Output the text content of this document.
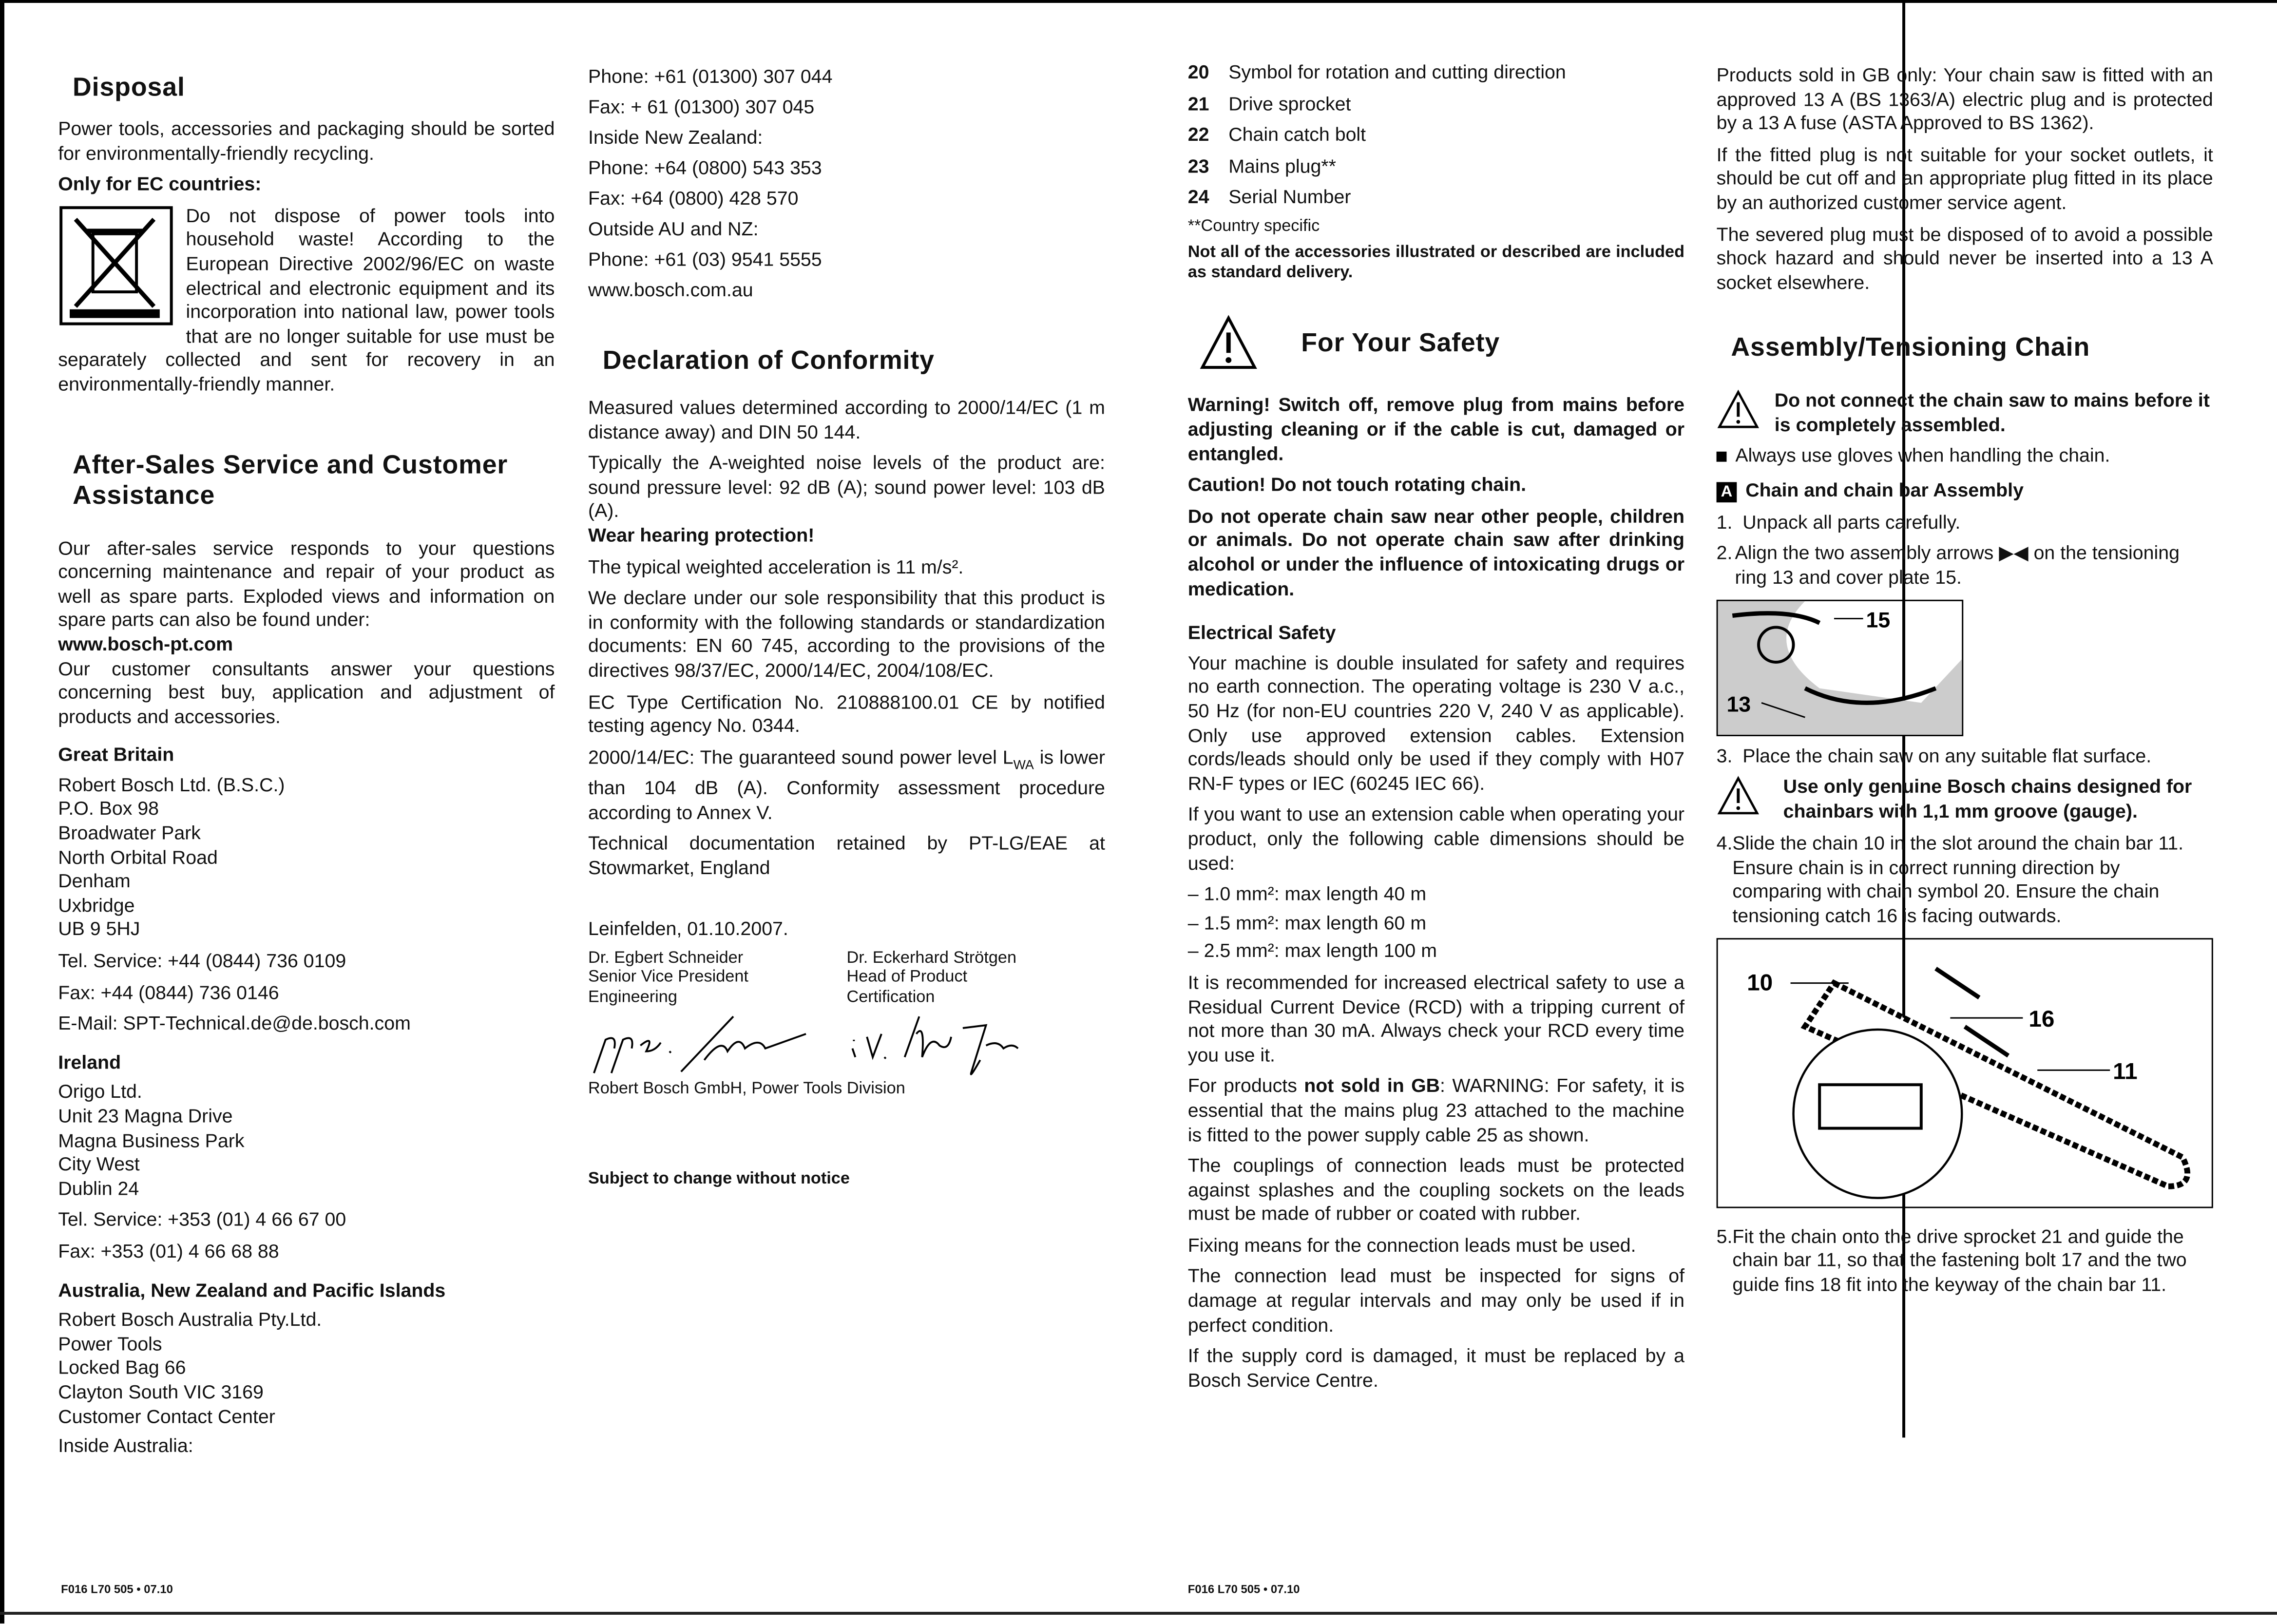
Disposal

Power tools, accessories and packaging should be sorted for environmentally-friendly recycling.

Only for EC countries:

Do not dispose of power tools into household waste! According to the European Directive 2002/96/EC on waste electrical and electronic equipment and its incorporation into national law, power tools that are no longer suitable for use must be separately collected and sent for recovery in an environmentally-friendly manner.

After-Sales Service and Customer Assistance

Our after-sales service responds to your questions concerning maintenance and repair of your product as well as spare parts. Exploded views and information on spare parts can also be found under:
www.bosch-pt.com
Our customer consultants answer your questions concerning best buy, application and adjustment of products and accessories.

Great Britain
Robert Bosch Ltd. (B.S.C.)
P.O. Box 98
Broadwater Park
North Orbital Road
Denham
Uxbridge
UB 9 5HJ

Tel. Service: +44 (0844) 736 0109

Fax: +44 (0844) 736 0146

E-Mail: SPT-Technical.de@de.bosch.com

Ireland
Origo Ltd.
Unit 23 Magna Drive
Magna Business Park
City West
Dublin 24

Tel. Service: +353 (01) 4 66 67 00

Fax: +353 (01) 4 66 68 88

Australia, New Zealand and Pacific Islands
Robert Bosch Australia Pty.Ltd.
Power Tools
Locked Bag 66
Clayton South VIC 3169
Customer Contact Center
Inside Australia:
Phone: +61 (01300) 307 044
Fax: + 61 (01300) 307 045
Inside New Zealand:
Phone: +64 (0800) 543 353
Fax: +64 (0800) 428 570
Outside AU and NZ:
Phone: +61 (03) 9541 5555
www.bosch.com.au
Declaration of Conformity

Measured values determined according to 2000/14/EC (1 m distance away) and DIN 50 144.

Typically the A-weighted noise levels of the product are: sound pressure level: 92 dB (A); sound power level: 103 dB (A).

Wear hearing protection!

The typical weighted acceleration is 11 m/s².

We declare under our sole responsibility that this product is in conformity with the following standards or standardization documents: EN 60 745, according to the provisions of the directives 98/37/EC, 2000/14/EC, 2004/108/EC.

EC Type Certification No. 210888100.01 CE by notified testing agency No. 0344.

2000/14/EC: The guaranteed sound power level $L_{WA}$ is lower than 104 dB (A). Conformity assessment procedure according to Annex V.

Technical documentation retained by PT-LG/EAE at Stowmarket, England

Leinfelden, 01.10.2007.

Dr. Egbert Schneider
Senior Vice President
Engineering
Dr. Eckerhard Strötgen
Head of Product
Certification

Robert Bosch GmbH, Power Tools Division

Subject to change without notice

20	Symbol for rotation and cutting direction
21	Drive sprocket
22	Chain catch bolt
23	Mains plug**
24	Serial Number

**Country specific

Not all of the accessories illustrated or described are included as standard delivery.

For Your Safety

Warning! Switch off, remove plug from mains before adjusting cleaning or if the cable is cut, damaged or entangled.

Caution! Do not touch rotating chain.

Do not operate chain saw near other people, children or animals. Do not operate chain saw after drinking alcohol or under the influence of intoxicating drugs or medication.

Electrical Safety

Your machine is double insulated for safety and requires no earth connection. The operating voltage is 230 V a.c., 50 Hz (for non-EU countries 220 V, 240 V as applicable). Only use approved extension cables. Extension cords/leads should only be used if they comply with H07 RN-F types or IEC (60245 IEC 66).

If you want to use an extension cable when operating your product, only the following cable dimensions should be used:

– 1.0 mm²: max length 40 m

– 1.5 mm²: max length 60 m

– 2.5 mm²: max length 100 m

It is recommended for increased electrical safety to use a Residual Current Device (RCD) with a tripping current of not more than 30 mA. Always check your RCD every time you use it.

For products not sold in GB: WARNING: For safety, it is essential that the mains plug 23 attached to the machine is fitted to the power supply cable 25 as shown.

The couplings of connection leads must be protected against splashes and the coupling sockets on the leads must be made of rubber or coated with rubber.

Fixing means for the connection leads must be used.

The connection lead must be inspected for signs of damage at regular intervals and may only be used if in perfect condition.

If the supply cord is damaged, it must be replaced by a Bosch Service Centre.

Products sold in GB only: Your chain saw is fitted with an approved 13 A (BS 1363/A) electric plug and is protected by a 13 A fuse (ASTA Approved to BS 1362).

If the fitted plug is not suitable for your socket outlets, it should be cut off and an appropriate plug fitted in its place by an authorized customer service agent.

The severed plug must be disposed of to avoid a possible shock hazard and should never be inserted into a 13 A socket elsewhere.

Assembly/Tensioning Chain
Do not connect the chain saw to mains before it is completely assembled.

Always use gloves when handling the chain.

A Chain and chain bar Assembly

1.	Unpack all parts carefully.
2. Align the two assembly arrows ▶◀ on the tensioning ring 13 and cover plate 15.
15
13
3.	Place the chain saw on any suitable flat surface.
Use only genuine Bosch chains designed for chainbars with 1,1 mm groove (gauge).
4. Slide the chain 10 in the slot around the chain bar 11. Ensure chain is in correct running direction by comparing with chain symbol 20. Ensure the chain tensioning catch 16 is facing outwards.
10
16
11
5. Fit the chain onto the drive sprocket 21 and guide the chain bar 11, so that the fastening bolt 17 and the two guide fins 18 fit into the keyway of the chain bar 11.
F016 L70 505 • 07.10	F016 L70 505 • 07.10
